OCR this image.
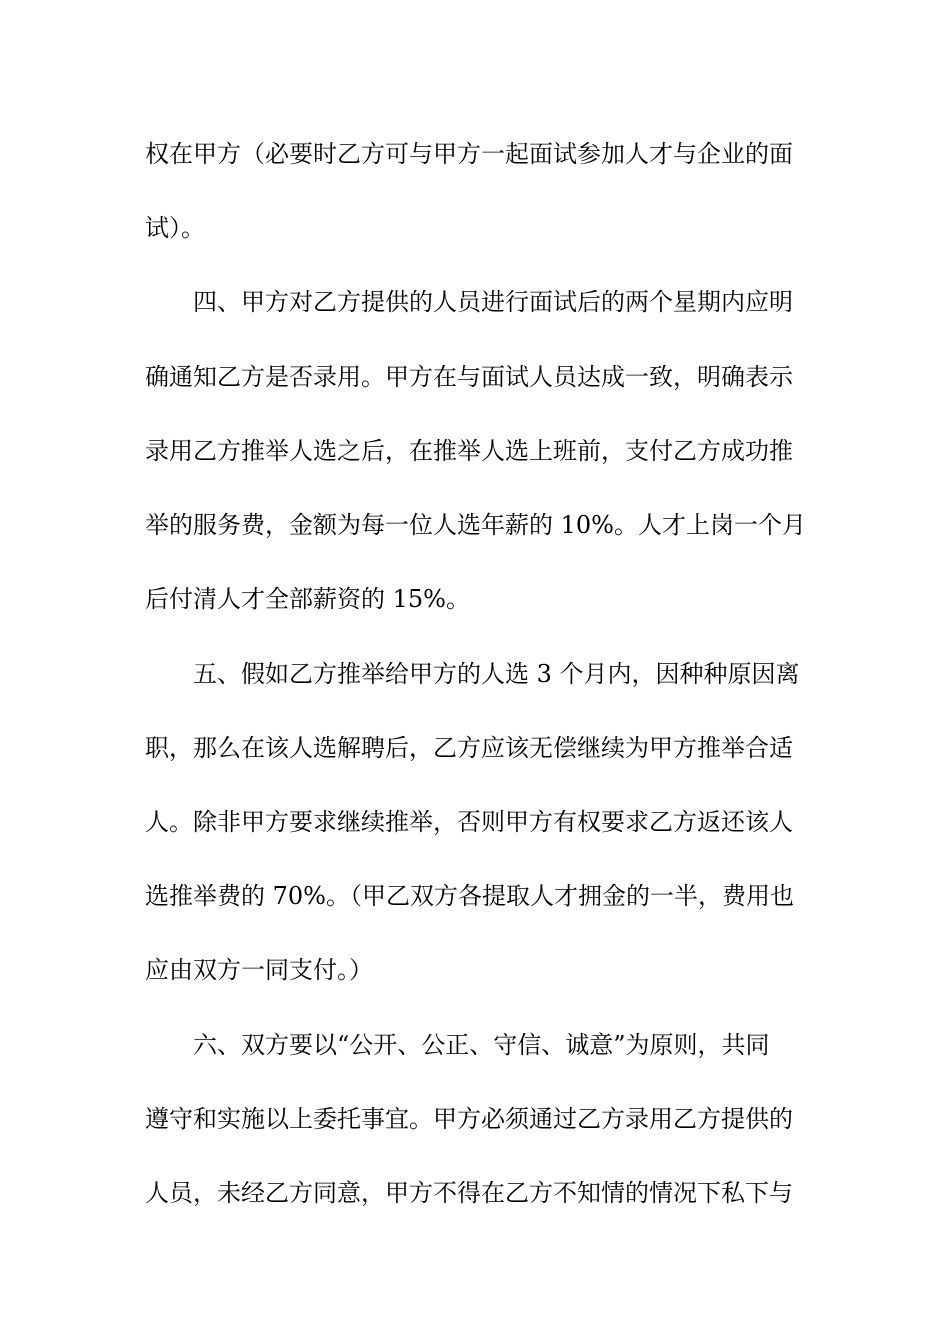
权在甲方（必要时乙方可与甲方一起面试参加人才与企业的面
试）。
四、甲方对乙方提供的人员进行面试后的两个星期内应明
确通知乙方是否录用。甲方在与面试人员达成一致，明确表示
录用乙方推举人选之后，在推举人选上班前，支付乙方成功推
举的服务费，金额为每一位人选年薪的 10%。人才上岗一个月
后付清人才全部薪资的 15%。
五、假如乙方推举给甲方的人选 3 个月内，因种种原因离
职，那么在该人选解聘后，乙方应该无偿继续为甲方推举合适
人。除非甲方要求继续推举，否则甲方有权要求乙方返还该人
选推举费的 70%。（甲乙双方各提取人才拥金的一半，费用也
应由双方一同支付。）
六、双方要以“公开、公正、守信、诚意”为原则，共同
遵守和实施以上委托事宜。甲方必须通过乙方录用乙方提供的
人员，未经乙方同意，甲方不得在乙方不知情的情况下私下与
